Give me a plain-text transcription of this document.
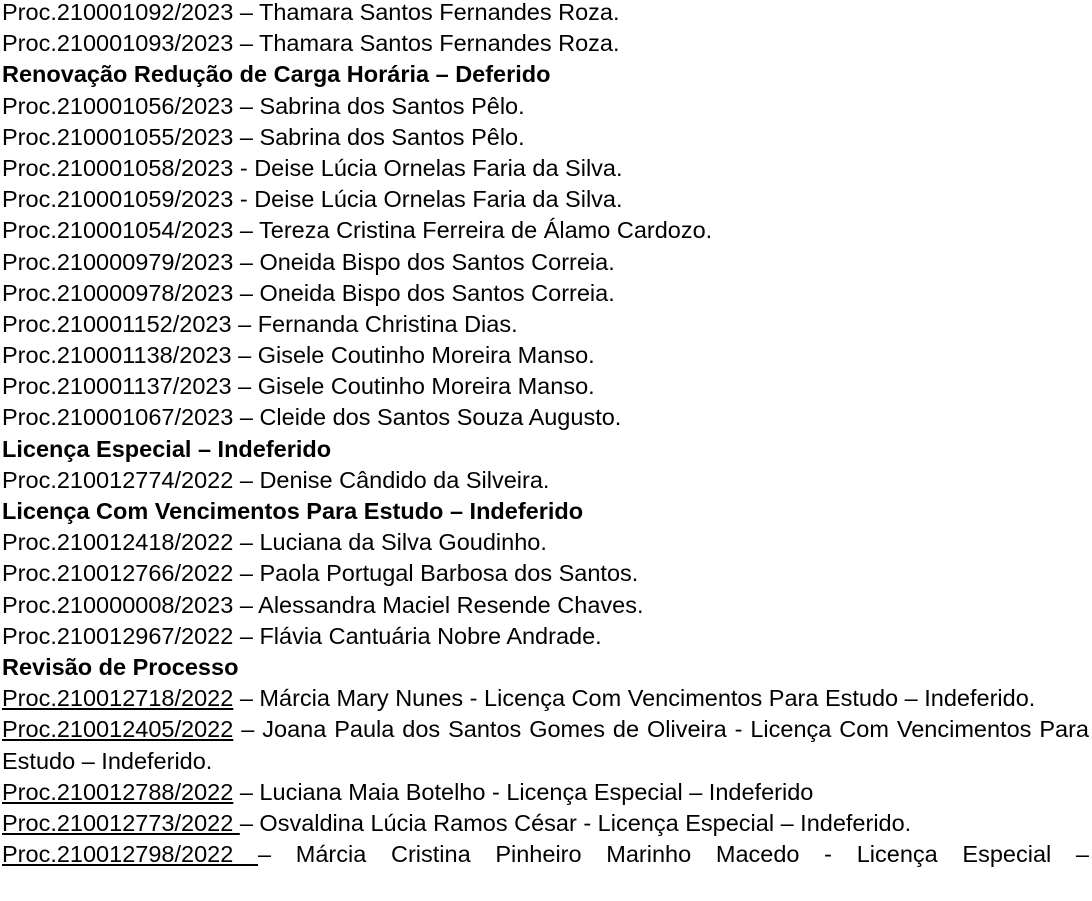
Proc.210001092/2023 – Thamara Santos Fernandes Roza.
Proc.210001093/2023 – Thamara Santos Fernandes Roza.
Renovação Redução de Carga Horária – Deferido
Proc.210001056/2023 – Sabrina dos Santos Pêlo.
Proc.210001055/2023 – Sabrina dos Santos Pêlo.
Proc.210001058/2023 - Deise Lúcia Ornelas Faria da Silva.
Proc.210001059/2023 - Deise Lúcia Ornelas Faria da Silva.
Proc.210001054/2023 – Tereza Cristina Ferreira de Álamo Cardozo.
Proc.210000979/2023 – Oneida Bispo dos Santos Correia.
Proc.210000978/2023 – Oneida Bispo dos Santos Correia.
Proc.210001152/2023 – Fernanda Christina Dias.
Proc.210001138/2023 – Gisele Coutinho Moreira Manso.
Proc.210001137/2023 – Gisele Coutinho Moreira Manso.
Proc.210001067/2023 – Cleide dos Santos Souza Augusto.
Licença Especial – Indeferido
Proc.210012774/2022 – Denise Cândido da Silveira.
Licença Com Vencimentos Para Estudo – Indeferido
Proc.210012418/2022 – Luciana da Silva Goudinho.
Proc.210012766/2022 – Paola Portugal Barbosa dos Santos.
Proc.210000008/2023 – Alessandra Maciel Resende Chaves.
Proc.210012967/2022 – Flávia Cantuária Nobre Andrade.
Revisão de Processo
Proc.210012718/2022 – Márcia Mary Nunes - Licença Com Vencimentos Para Estudo – Indeferido.
Proc.210012405/2022 – Joana Paula dos Santos Gomes de Oliveira - Licença Com Vencimentos Para Estudo – Indeferido.
Proc.210012788/2022 – Luciana Maia Botelho - Licença Especial – Indeferido
Proc.210012773/2022 – Osvaldina Lúcia Ramos César - Licença Especial – Indeferido.
Proc.210012798/2022 – Márcia Cristina Pinheiro Marinho Macedo - Licença Especial –
